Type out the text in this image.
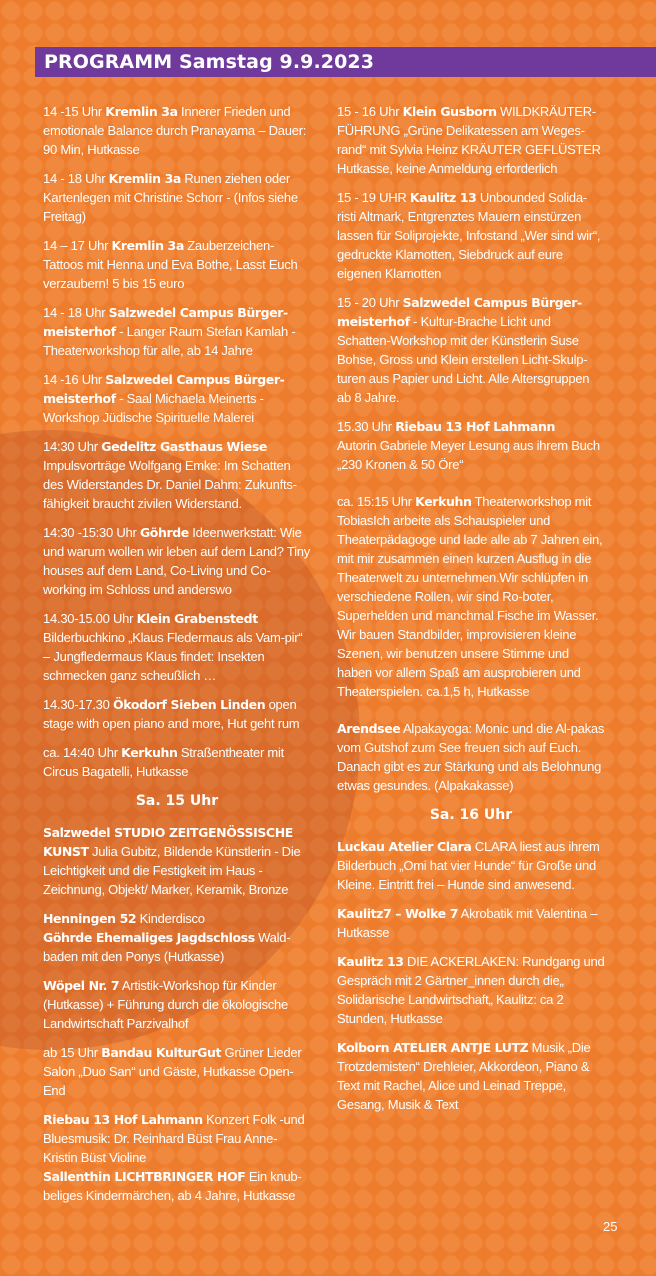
PROGRAMM Samstag 9.9.2023
14 -15 Uhr Kremlin 3a Innerer Frieden und emotionale Balance durch Pranayama – Dauer: 90 Min, Hutkasse
14 - 18 Uhr Kremlin 3a Runen ziehen oder Kartenlegen mit Christine Schorr - (Infos siehe Freitag)
14 – 17 Uhr Kremlin 3a Zauberzeichen-Tattoos mit Henna und Eva Bothe, Lasst Euch verzaubern! 5 bis 15 euro
14 - 18 Uhr Salzwedel Campus Bürger-meisterhof - Langer Raum Stefan Kamlah - Theaterworkshop für alle, ab 14 Jahre
14 -16 Uhr Salzwedel Campus Bürger-meisterhof - Saal Michaela Meinerts - Workshop Jüdische Spirituelle Malerei
14:30 Uhr Gedelitz Gasthaus Wiese Impulsvorträge Wolfgang Emke: Im Schatten des Widerstandes Dr. Daniel Dahm: Zukunfts-fähigkeit braucht zivilen Widerstand.
14:30 -15:30 Uhr Göhrde Ideenwerkstatt: Wie und warum wollen wir leben auf dem Land? Tiny houses auf dem Land, Co-Living und Co-working im Schloss und anderswo
14.30-15.00 Uhr Klein Grabenstedt Bilderbuchkino „Klaus Fledermaus als Vam-pir“ – Jungfledermaus Klaus findet: Insekten schmecken ganz scheußlich …
14.30-17.30 Ökodorf Sieben Linden open stage with open piano and more, Hut geht rum
ca. 14:40 Uhr Kerkuhn Straßentheater mit Circus Bagatelli, Hutkasse
Sa. 15 Uhr
Salzwedel STUDIO ZEITGENÖSSISCHE KUNST Julia Gubitz, Bildende Künstlerin - Die Leichtigkeit und die Festigkeit im Haus - Zeichnung, Objekt/ Marker, Keramik, Bronze
Henningen 52 Kinderdisco
Göhrde Ehemaliges Jagdschloss Wald-baden mit den Ponys (Hutkasse)
Wöpel Nr. 7 Artistik-Workshop für Kinder (Hutkasse) + Führung durch die ökologische Landwirtschaft Parzivalhof
ab 15 Uhr Bandau KulturGut Grüner Lieder Salon „Duo San“ und Gäste, Hutkasse Open-End
Riebau 13 Hof Lahmann Konzert Folk -und Bluesmusik: Dr. Reinhard Büst Frau Anne-Kristin Büst Violine
Sallenthin LICHTBRINGER HOF Ein knub-beliges Kindermärchen, ab 4 Jahre, Hutkasse
15 - 16 Uhr Klein Gusborn WILDKRÄUTER-FÜHRUNG „Grüne Delikatessen am Weges-rand“ mit Sylvia Heinz KRÄUTER GEFLÜSTER Hutkasse, keine Anmeldung erforderlich
15 - 19 UHR Kaulitz 13 Unbounded Solida-risti Altmark, Entgrenztes Mauern einstürzen lassen für Soliprojekte, Infostand „Wer sind wir“, gedruckte Klamotten, Siebdruck auf eure eigenen Klamotten
15 - 20 Uhr Salzwedel Campus Bürger-meisterhof - Kultur-Brache Licht und Schatten-Workshop mit der Künstlerin Suse Bohse, Gross und Klein erstellen Licht-Skulp-turen aus Papier und Licht. Alle Altersgruppen ab 8 Jahre.
15.30 Uhr Riebau 13 Hof Lahmann
Autorin Gabriele Meyer Lesung aus ihrem Buch „230 Kronen & 50 Öre“
ca. 15:15 Uhr Kerkuhn Theaterworkshop mit TobiasIch arbeite als Schauspieler und Theaterpädagoge und lade alle ab 7 Jahren ein, mit mir zusammen einen kurzen Ausflug in die Theaterwelt zu unternehmen.Wir schlüpfen in verschiedene Rollen, wir sind Ro-boter, Superhelden und manchmal Fische im Wasser. Wir bauen Standbilder, improvisieren kleine Szenen, wir benutzen unsere Stimme und haben vor allem Spaß am ausprobieren und Theaterspielen. ca.1,5 h, Hutkasse
Arendsee Alpakayoga: Monic und die Al-pakas vom Gutshof zum See freuen sich auf Euch. Danach gibt es zur Stärkung und als Belohnung etwas gesundes. (Alpakakasse)
Sa. 16 Uhr
Luckau Atelier Clara CLARA liest aus ihrem Bilderbuch „Omi hat vier Hunde“ für Große und Kleine. Eintritt frei – Hunde sind anwesend.
Kaulitz7 – Wolke 7 Akrobatik mit Valentina – Hutkasse
Kaulitz 13 DIE ACKERLAKEN: Rundgang und Gespräch mit 2 Gärtner_innen durch die„ Solidarische Landwirtschaft„ Kaulitz: ca 2 Stunden, Hutkasse
Kolborn ATELIER ANTJE LUTZ Musik „Die Trotzdemisten“ Drehleier, Akkordeon, Piano & Text mit Rachel, Alice und Leinad Treppe, Gesang, Musik & Text
25
